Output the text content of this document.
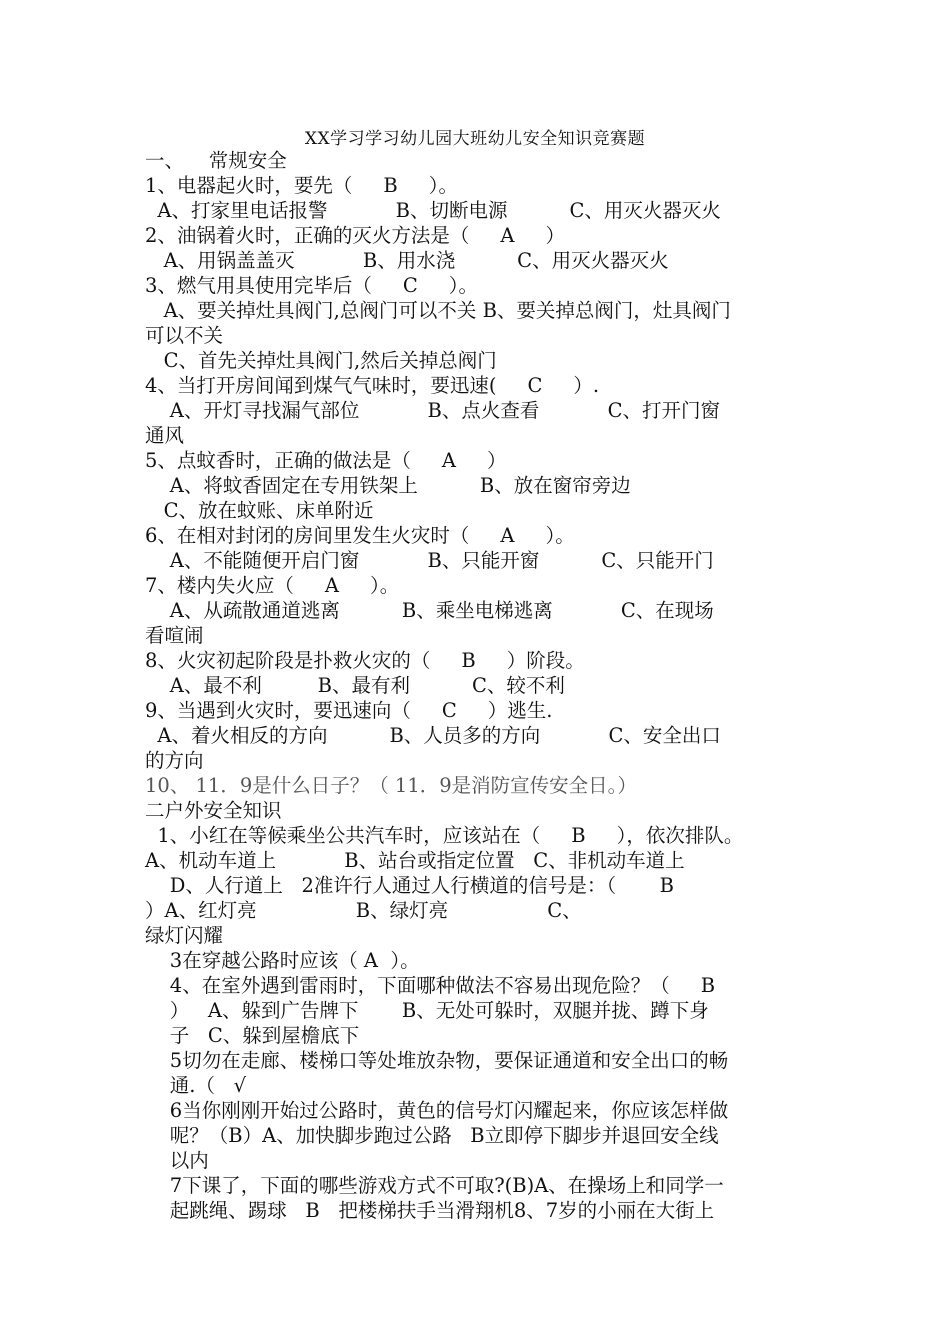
XX学习学习幼儿园大班幼儿安全知识竞赛题
一、    常规安全
1、电器起火时，要先（     B     ）。
A、打家里电话报警           B、切断电源          C、用灭火器灭火
2、油锅着火时，正确的灭火方法是（     A     ）
A、用锅盖盖灭           B、用水浇          C、用灭火器灭火
3、燃气用具使用完毕后（     C     ）。
A、要关掉灶具阀门,总阀门可以不关 B、要关掉总阀门，灶具阀门
可以不关
C、首先关掉灶具阀门,然后关掉总阀门
4、当打开房间闻到煤气气味时，要迅速(     C     ）.
A、开灯寻找漏气部位           B、点火查看           C、打开门窗
通风
5、点蚊香时，正确的做法是（     A     ）
A、将蚊香固定在专用铁架上          B、放在窗帘旁边
C、放在蚊账、床单附近
6、在相对封闭的房间里发生火灾时（     A     ）。
A、不能随便开启门窗           B、只能开窗          C、只能开门
7、楼内失火应（     A     ）。
A、从疏散通道逃离          B、乘坐电梯逃离           C、在现场
看喧闹
8、火灾初起阶段是扑救火灾的（     B     ）阶段。
A、最不利         B、最有利          C、较不利
9、当遇到火灾时，要迅速向（     C     ）逃生.
A、着火相反的方向          B、人员多的方向           C、安全出口
的方向
10、 11．9是什么日子？（ 11．9是消防宣传安全日。）
二户外安全知识
1、小红在等候乘坐公共汽车时，应该站在（     B     ），依次排队。
A、机动车道上           B、站台或指定位置   C、非机动车道上
D、人行道上   2准许行人通过人行横道的信号是：（       B
）A、红灯亮                B、绿灯亮                C、
绿灯闪耀
3在穿越公路时应该（ A  ）。
4、在室外遇到雷雨时，下面哪种做法不容易出现危险？（     B
）   A、躲到广告牌下       B、无处可躲时，双腿并拢、蹲下身
子   C、躲到屋檐底下
5切勿在走廊、楼梯口等处堆放杂物，要保证通道和安全出口的畅
通.（   √
6当你刚刚开始过公路时，黄色的信号灯闪耀起来，你应该怎样做
呢？（B）A、加快脚步跑过公路   B立即停下脚步并退回安全线
以内
7下课了，下面的哪些游戏方式不可取?(B)A、在操场上和同学一
起跳绳、踢球   B   把楼梯扶手当滑翔机8、7岁的小丽在大街上
